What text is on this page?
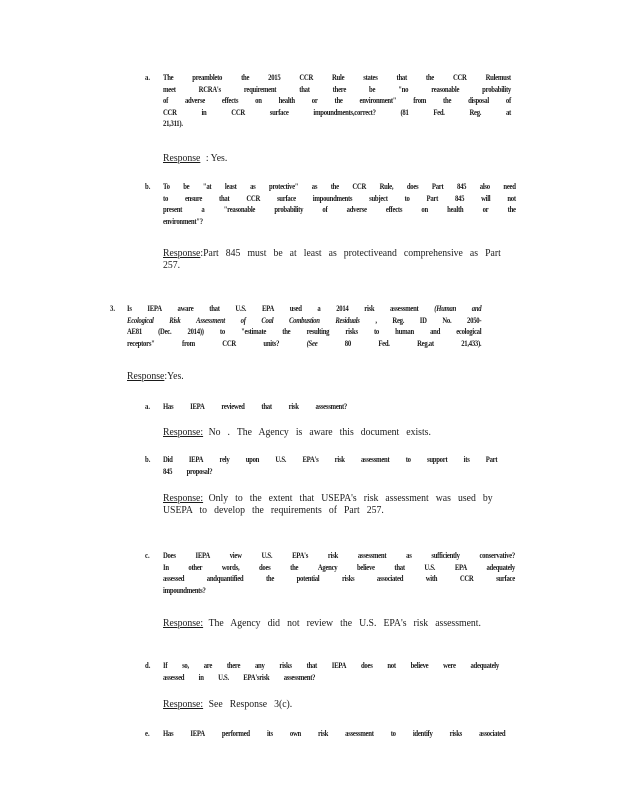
a. The preambleto the 2015 CCR Rule states that the CCR Rulemust
meet	RCRA's	requirement	that	there	be	"no	reasonable	probability
of adverse effects on health or the environment" from the disposal of
CCR	in	CCR	surface	impoundments,correct?	(81	Fed.	Reg.	at
21,311).
Response : Yes.
b. To be "at least as protective" as the CCR Rule, does Part 845 also need
to ensure that CCR surface impoundments subject to Part 845 will not
present a "reasonable probability of adverse effects on health or the
environment"?
Response:Part 845 must be at least as protectiveand comprehensive as Part
257.
3. Is IEPA aware that U.S. EPA used a 2014 risk assessment (Human and
Ecological Risk Assessment of Coal Combustion Residuals , Reg. ID No. 2050-
AE81 (Dec. 2014)) to "estimate the resulting risks to human and ecological
receptors"	from	CCR	units?	(See	80	Fed.	Reg.at	21,433).
Response:Yes.
a. Has IEPA reviewed that risk assessment?
Response: No . The Agency is aware this document exists.
b. Did IEPA rely upon U.S. EPA's risk assessment to support its Part
845 proposal?
Response: Only to the extent that USEPA's risk assessment was used by
USEPA to develop the requirements of Part 257.
c. Does IEPA view U.S. EPA's risk assessment as sufficiently conservative?
In other words, does the Agency believe that U.S. EPA adequately
assessed	andquantified	the	potential	risks	associated	with	CCR	surface
impoundments?
Response: The Agency did not review the U.S. EPA's risk assessment.
d. If so, are there any risks that IEPA does not believe were adequately
assessed in U.S. EPA'srisk assessment?
Response: See Response 3(c).
e. Has IEPA performed its own risk assessment to identify risks associated
